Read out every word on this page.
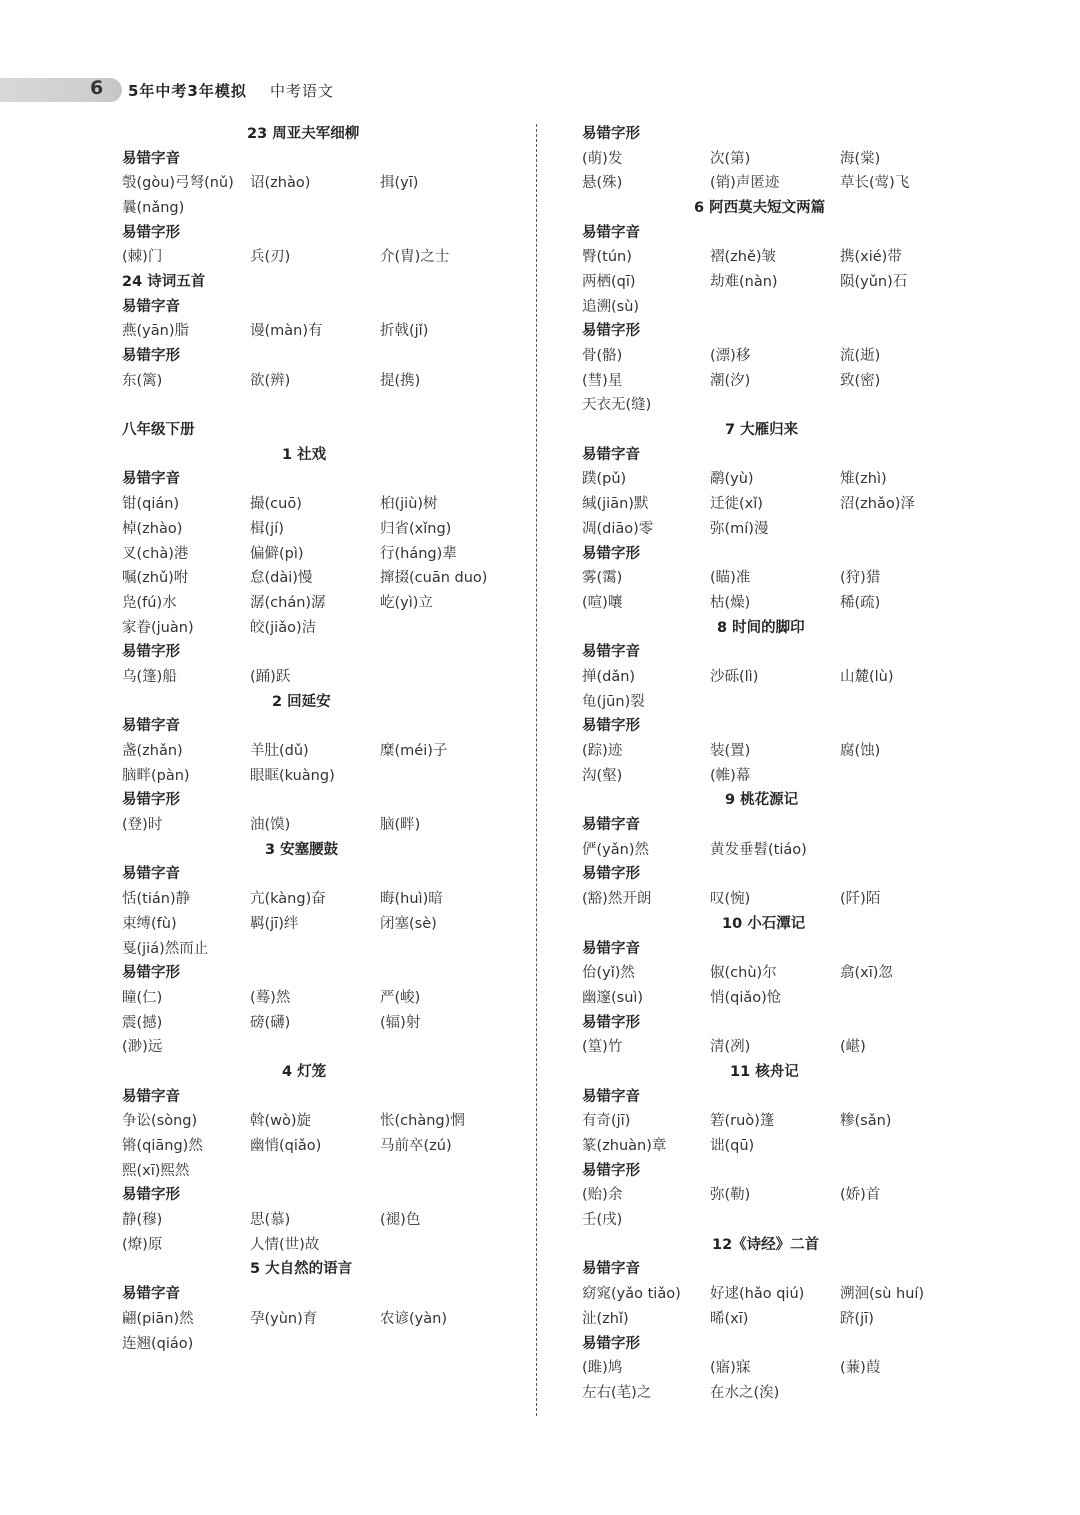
6 5年中考3年模拟 中考语文
23 周亚夫军细柳
易错字音
彀(gòu)弓弩(nǔ)	诏(zhào)	揖(yī)
曩(nǎng)
易错字形
(棘)门	兵(刃)	介(胄)之士
24 诗词五首
易错字音
燕(yān)脂	谩(màn)有	折戟(jǐ)
易错字形
东(篱)	欲(辨)	提(携)
八年级下册
1 社戏
易错字音
钳(qián)	撮(cuō)	桕(jiù)树
棹(zhào)	楫(jí)	归省(xǐng)
叉(chà)港	偏僻(pì)	行(háng)辈
嘱(zhǔ)咐	怠(dài)慢	撺掇(cuān duo)
凫(fú)水	潺(chán)潺	屹(yì)立
家眷(juàn)	皎(jiǎo)洁
易错字形
乌(篷)船	(踊)跃
2 回延安
易错字音
盏(zhǎn)	羊肚(dǔ)	糜(méi)子
脑畔(pàn)	眼眶(kuàng)
易错字形
(登)时	油(馍)	脑(畔)
3 安塞腰鼓
易错字音
恬(tián)静	亢(kàng)奋	晦(huì)暗
束缚(fù)	羁(jī)绊	闭塞(sè)
戛(jiá)然而止
易错字形
瞳(仁)	(蓦)然	严(峻)
震(撼)	磅(礴)	(辐)射
(渺)远
4 灯笼
易错字音
争讼(sòng)	斡(wò)旋	怅(chàng)惘
锵(qiāng)然	幽悄(qiǎo)	马前卒(zú)
熙(xī)熙然
易错字形
静(穆)	思(慕)	(褪)色
(燎)原	人情(世)故
5 大自然的语言
易错字音
翩(piān)然	孕(yùn)育	农谚(yàn)
连翘(qiáo)
易错字形
(萌)发	次(第)	海(棠)
悬(殊)	(销)声匿迹	草长(莺)飞
6 阿西莫夫短文两篇
易错字音
臀(tún)	褶(zhě)皱	携(xié)带
两栖(qī)	劫难(nàn)	陨(yǔn)石
追溯(sù)
易错字形
骨(骼)	(漂)移	流(逝)
(彗)星	潮(汐)	致(密)
天衣无(缝)
7 大雁归来
易错字音
蹼(pǔ)	鹬(yù)	雉(zhì)
缄(jiān)默	迁徙(xǐ)	沼(zhǎo)泽
凋(diāo)零	弥(mí)漫
易错字形
雾(霭)	(瞄)准	(狩)猎
(喧)嚷	枯(燥)	稀(疏)
8 时间的脚印
易错字音
掸(dǎn)	沙砾(lì)	山麓(lù)
龟(jūn)裂
易错字形
(踪)迹	装(置)	腐(蚀)
沟(壑)	(帷)幕
9 桃花源记
易错字音
俨(yǎn)然	黄发垂髫(tiáo)
易错字形
(豁)然开朗	叹(惋)	(阡)陌
10 小石潭记
易错字音
佁(yǐ)然	俶(chù)尔	翕(xī)忽
幽邃(suì)	悄(qiǎo)怆
易错字形
(篁)竹	清(冽)	(嵁)
11 核舟记
易错字音
有奇(jī)	箬(ruò)篷	糁(sǎn)
篆(zhuàn)章	诎(qū)
易错字形
(贻)余	弥(勒)	(娇)首
壬(戌)
12《诗经》二首
易错字音
窈窕(yǎo tiǎo)	好逑(hǎo qiú)	溯洄(sù huí)
沚(zhǐ)	晞(xī)	跻(jī)
易错字形
(雎)鸠	(寤)寐	(蒹)葭
左右(芼)之	在水之(涘)
